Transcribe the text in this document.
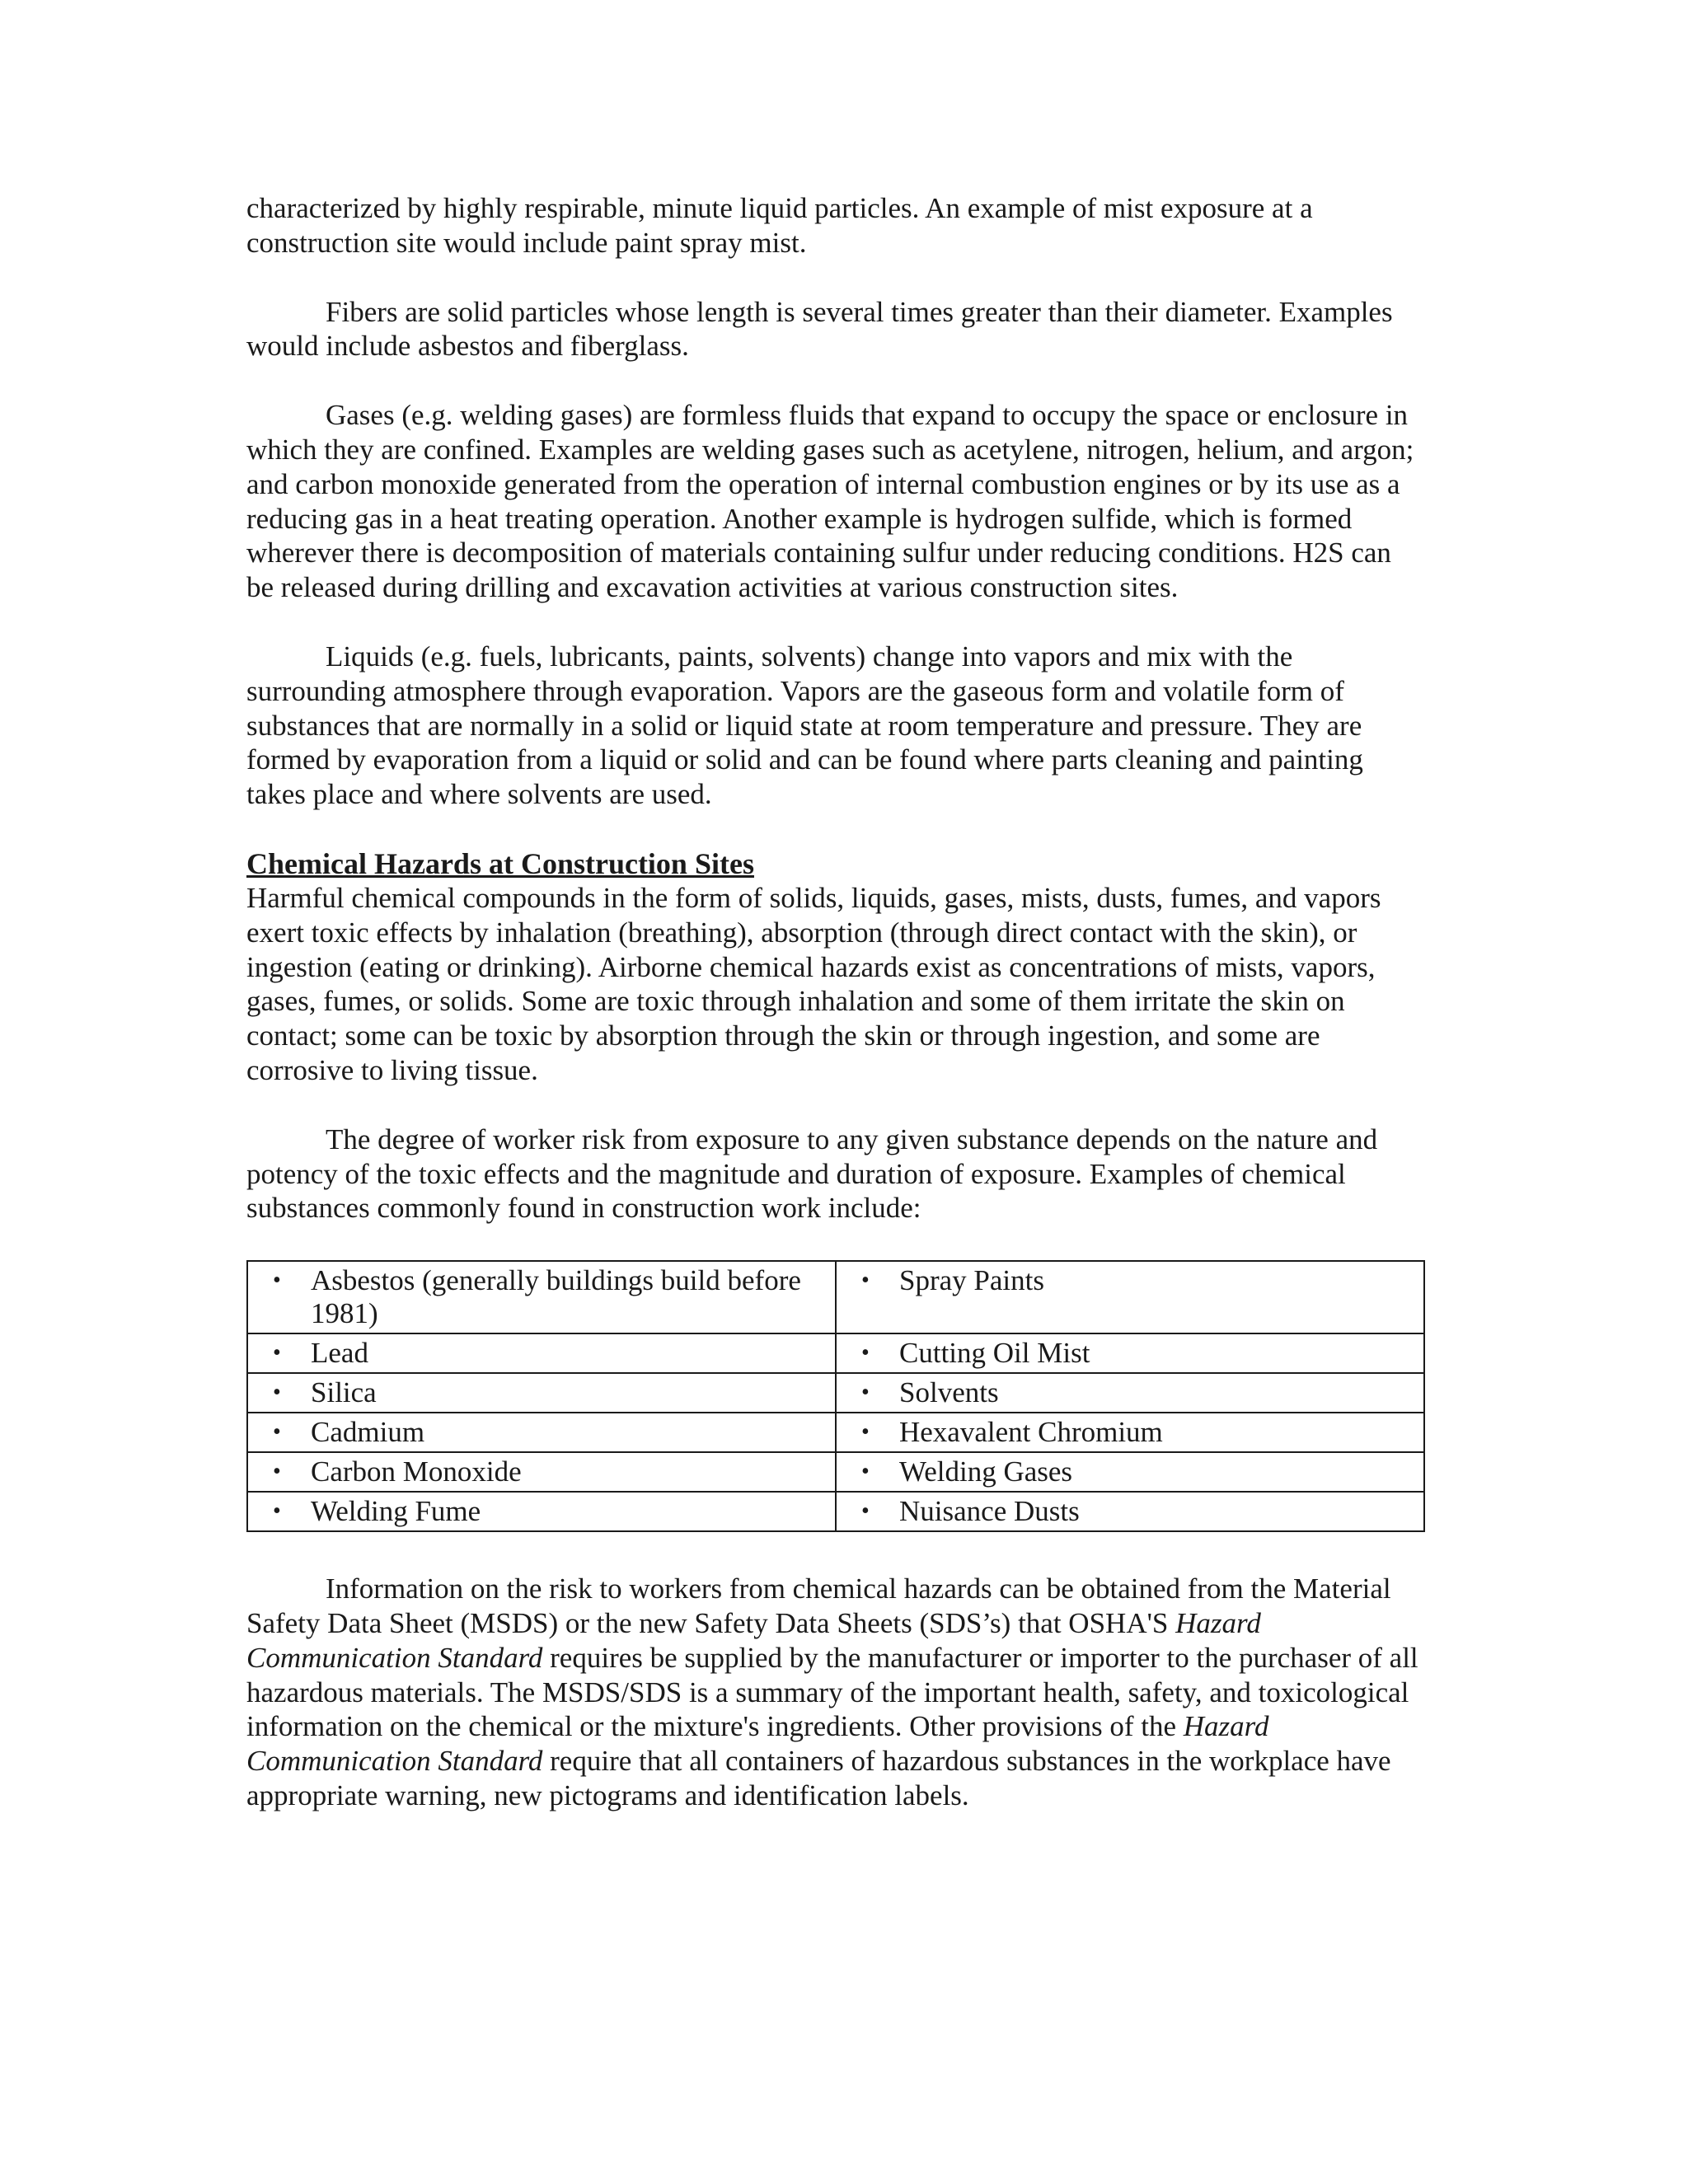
characterized by highly respirable, minute liquid particles. An example of mist exposure at a construction site would include paint spray mist.

Fibers are solid particles whose length is several times greater than their diameter. Examples would include asbestos and fiberglass.

Gases (e.g. welding gases) are formless fluids that expand to occupy the space or enclosure in which they are confined. Examples are welding gases such as acetylene, nitrogen, helium, and argon; and carbon monoxide generated from the operation of internal combustion engines or by its use as a reducing gas in a heat treating operation. Another example is hydrogen sulfide, which is formed wherever there is decomposition of materials containing sulfur under reducing conditions. H2S can be released during drilling and excavation activities at various construction sites.

Liquids (e.g. fuels, lubricants, paints, solvents) change into vapors and mix with the surrounding atmosphere through evaporation. Vapors are the gaseous form and volatile form of substances that are normally in a solid or liquid state at room temperature and pressure. They are formed by evaporation from a liquid or solid and can be found where parts cleaning and painting takes place and where solvents are used.

Chemical Hazards at Construction Sites

Harmful chemical compounds in the form of solids, liquids, gases, mists, dusts, fumes, and vapors exert toxic effects by inhalation (breathing), absorption (through direct contact with the skin), or ingestion (eating or drinking). Airborne chemical hazards exist as concentrations of mists, vapors, gases, fumes, or solids. Some are toxic through inhalation and some of them irritate the skin on contact; some can be toxic by absorption through the skin or through ingestion, and some are corrosive to living tissue.

The degree of worker risk from exposure to any given substance depends on the nature and potency of the toxic effects and the magnitude and duration of exposure. Examples of chemical substances commonly found in construction work include:

• Asbestos (generally buildings build before 1981)	• Spray Paints

• Lead	• Cutting Oil Mist

• Silica	• Solvents

• Cadmium	• Hexavalent Chromium

• Carbon Monoxide	• Welding Gases

• Welding Fume	• Nuisance Dusts

Information on the risk to workers from chemical hazards can be obtained from the Material Safety Data Sheet (MSDS) or the new Safety Data Sheets (SDS’s) that OSHA'S Hazard Communication Standard requires be supplied by the manufacturer or importer to the purchaser of all hazardous materials. The MSDS/SDS is a summary of the important health, safety, and toxicological information on the chemical or the mixture's ingredients. Other provisions of the Hazard Communication Standard require that all containers of hazardous substances in the workplace have appropriate warning, new pictograms and identification labels.
